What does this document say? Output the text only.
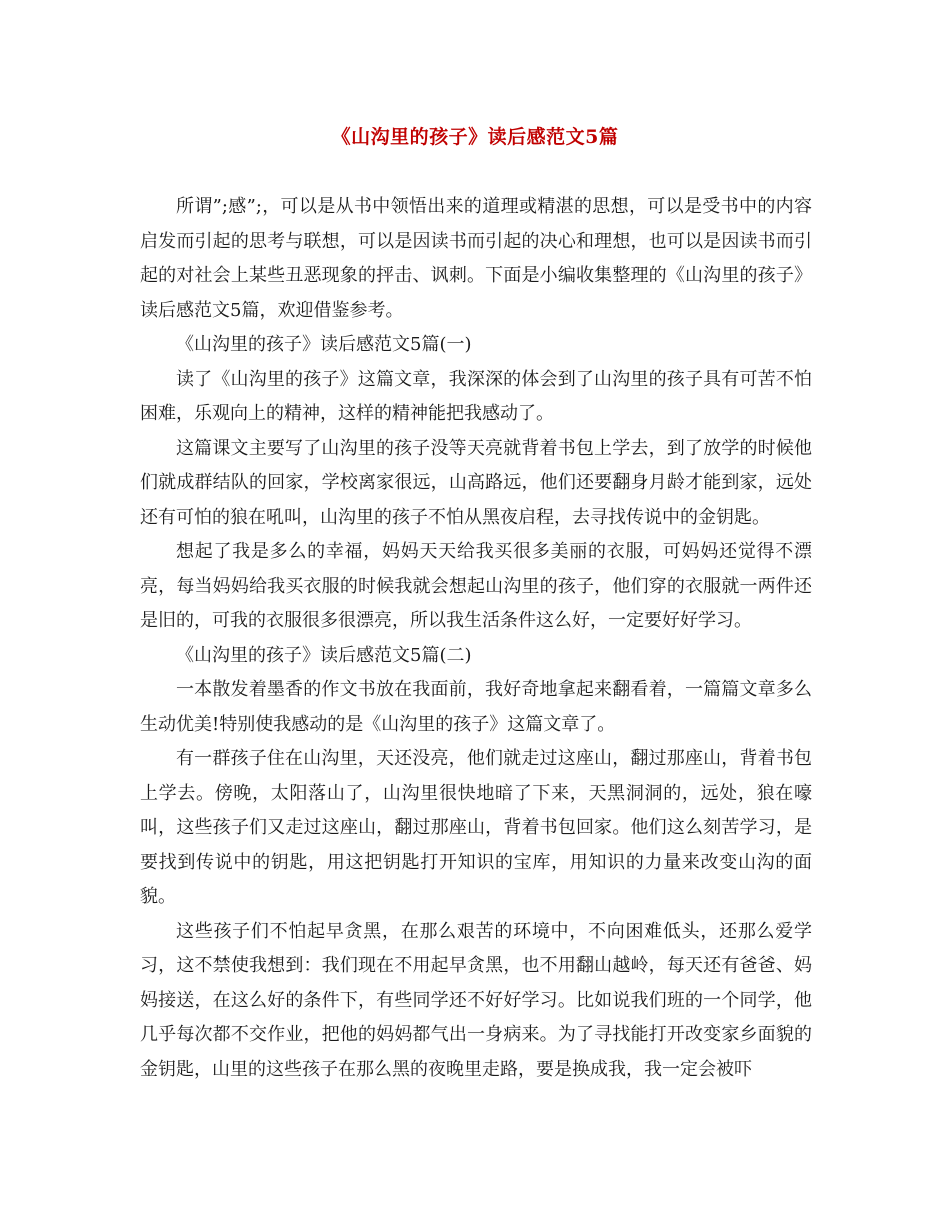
《山沟里的孩子》读后感范文5篇

所谓”;感”;，可以是从书中领悟出来的道理或精湛的思想，可以是受书中的内容启发而引起的思考与联想，可以是因读书而引起的决心和理想，也可以是因读书而引起的对社会上某些丑恶现象的抨击、讽刺。下面是小编收集整理的《山沟里的孩子》读后感范文5篇，欢迎借鉴参考。

《山沟里的孩子》读后感范文5篇(一)

读了《山沟里的孩子》这篇文章，我深深的体会到了山沟里的孩子具有可苦不怕困难，乐观向上的精神，这样的精神能把我感动了。

这篇课文主要写了山沟里的孩子没等天亮就背着书包上学去，到了放学的时候他们就成群结队的回家，学校离家很远，山高路远，他们还要翻身月龄才能到家，远处还有可怕的狼在吼叫，山沟里的孩子不怕从黑夜启程，去寻找传说中的金钥匙。

想起了我是多么的幸福，妈妈天天给我买很多美丽的衣服，可妈妈还觉得不漂亮，每当妈妈给我买衣服的时候我就会想起山沟里的孩子，他们穿的衣服就一两件还是旧的，可我的衣服很多很漂亮，所以我生活条件这么好，一定要好好学习。

《山沟里的孩子》读后感范文5篇(二)

一本散发着墨香的作文书放在我面前，我好奇地拿起来翻看着，一篇篇文章多么生动优美!特别使我感动的是《山沟里的孩子》这篇文章了。

有一群孩子住在山沟里，天还没亮，他们就走过这座山，翻过那座山，背着书包上学去。傍晚，太阳落山了，山沟里很快地暗了下来，天黑洞洞的，远处，狼在嚎叫，这些孩子们又走过这座山，翻过那座山，背着书包回家。他们这么刻苦学习，是要找到传说中的钥匙，用这把钥匙打开知识的宝库，用知识的力量来改变山沟的面貌。

这些孩子们不怕起早贪黑，在那么艰苦的环境中，不向困难低头，还那么爱学习，这不禁使我想到：我们现在不用起早贪黑，也不用翻山越岭，每天还有爸爸、妈妈接送，在这么好的条件下，有些同学还不好好学习。比如说我们班的一个同学，他几乎每次都不交作业，把他的妈妈都气出一身病来。为了寻找能打开改变家乡面貌的金钥匙，山里的这些孩子在那么黑的夜晚里走路，要是换成我，我一定会被吓
